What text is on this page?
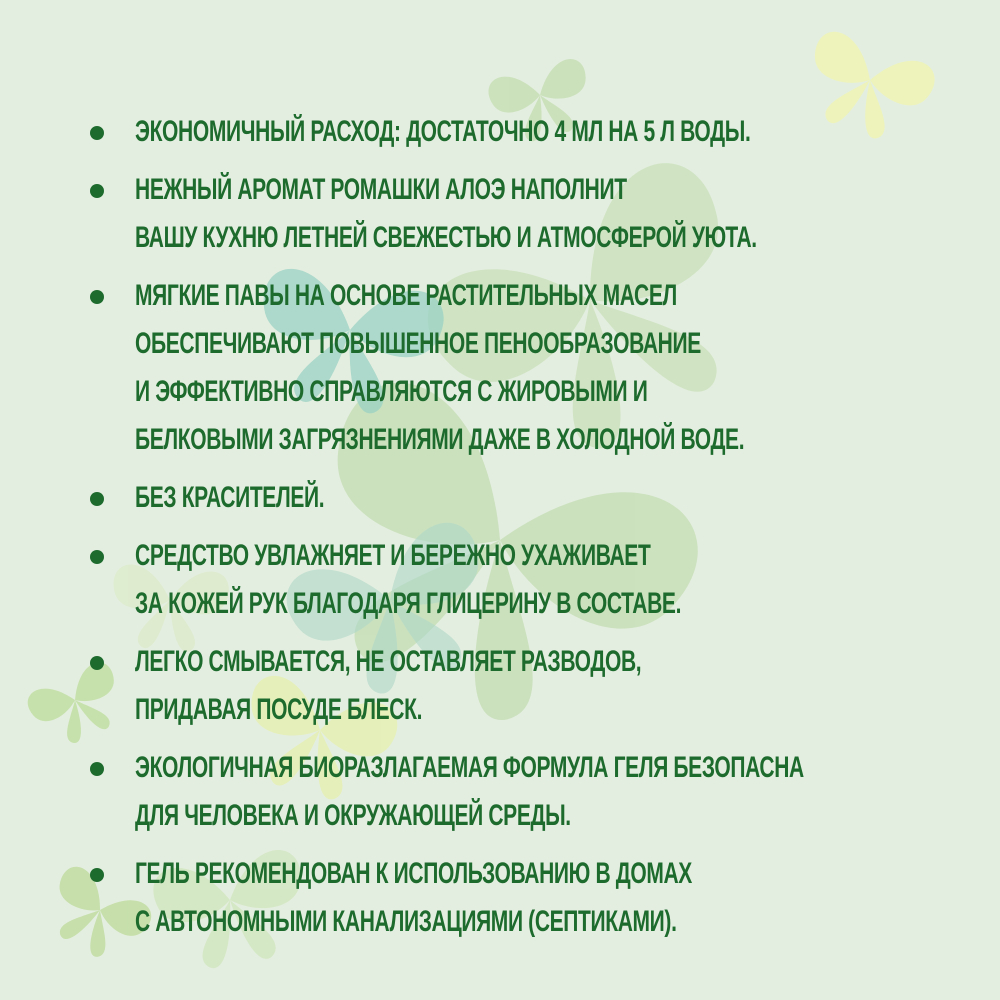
ЭКОНОМИЧНЫЙ РАСХОД: ДОСТАТОЧНО 4 МЛ НА 5 Л ВОДЫ.
НЕЖНЫЙ АРОМАТ РОМАШКИ АЛОЭ НАПОЛНИТ
ВАШУ КУХНЮ ЛЕТНЕЙ СВЕЖЕСТЬЮ И АТМОСФЕРОЙ УЮТА.
МЯГКИЕ ПАВЫ НА ОСНОВЕ РАСТИТЕЛЬНЫХ МАСЕЛ
ОБЕСПЕЧИВАЮТ ПОВЫШЕННОЕ ПЕНООБРАЗОВАНИЕ
И ЭФФЕКТИВНО СПРАВЛЯЮТСЯ С ЖИРОВЫМИ И
БЕЛКОВЫМИ ЗАГРЯЗНЕНИЯМИ ДАЖЕ В ХОЛОДНОЙ ВОДЕ.
БЕЗ КРАСИТЕЛЕЙ.
СРЕДСТВО УВЛАЖНЯЕТ И БЕРЕЖНО УХАЖИВАЕТ
ЗА КОЖЕЙ РУК БЛАГОДАРЯ ГЛИЦЕРИНУ В СОСТАВЕ.
ЛЕГКО СМЫВАЕТСЯ, НЕ ОСТАВЛЯЕТ РАЗВОДОВ,
ПРИДАВАЯ ПОСУДЕ БЛЕСК.
ЭКОЛОГИЧНАЯ БИОРАЗЛАГАЕМАЯ ФОРМУЛА ГЕЛЯ БЕЗОПАСНА
ДЛЯ ЧЕЛОВЕКА И ОКРУЖАЮЩЕЙ СРЕДЫ.
ГЕЛЬ РЕКОМЕНДОВАН К ИСПОЛЬЗОВАНИЮ В ДОМАХ
С АВТОНОМНЫМИ КАНАЛИЗАЦИЯМИ (СЕПТИКАМИ).
